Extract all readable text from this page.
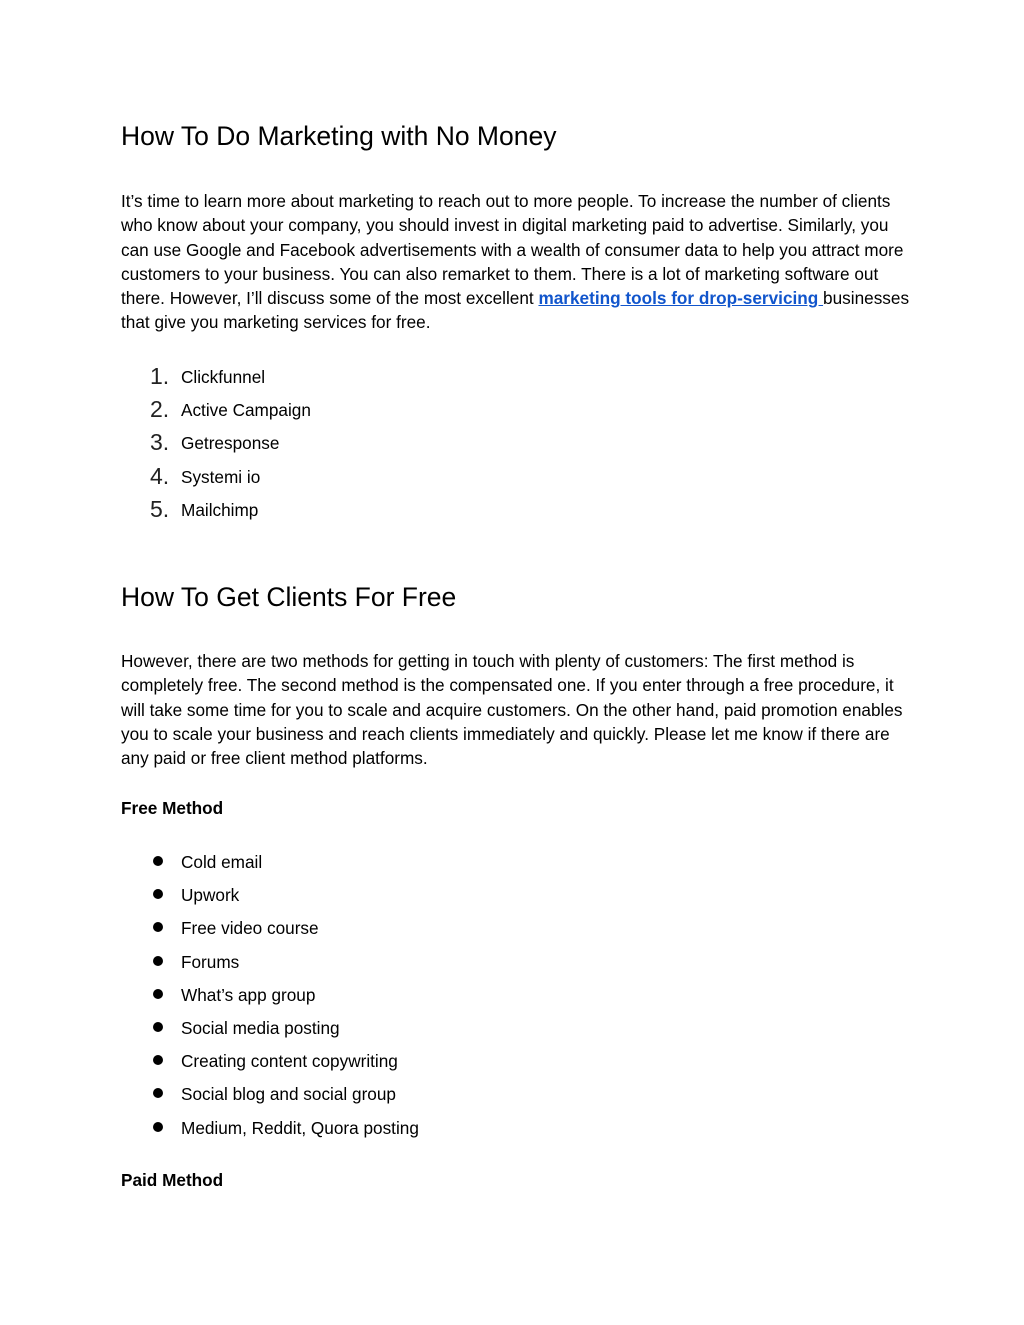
How To Do Marketing with No Money

It’s time to learn more about marketing to reach out to more people. To increase the number of clients who know about your company, you should invest in digital marketing paid to advertise. Similarly, you can use Google and Facebook advertisements with a wealth of consumer data to help you attract more customers to your business. You can also remarket to them. There is a lot of marketing software out there. However, I’ll discuss some of the most excellent marketing tools for drop-servicing businesses that give you marketing services for free.

1. Clickfunnel
2. Active Campaign
3. Getresponse
4. Systemi io
5. Mailchimp
How To Get Clients For Free

However, there are two methods for getting in touch with plenty of customers: The first method is completely free. The second method is the compensated one. If you enter through a free procedure, it will take some time for you to scale and acquire customers. On the other hand, paid promotion enables you to scale your business and reach clients immediately and quickly. Please let me know if there are any paid or free client method platforms.

Free Method
Cold email
Upwork
Free video course
Forums
What’s app group
Social media posting
Creating content copywriting
Social blog and social group
Medium, Reddit, Quora posting
Paid Method
